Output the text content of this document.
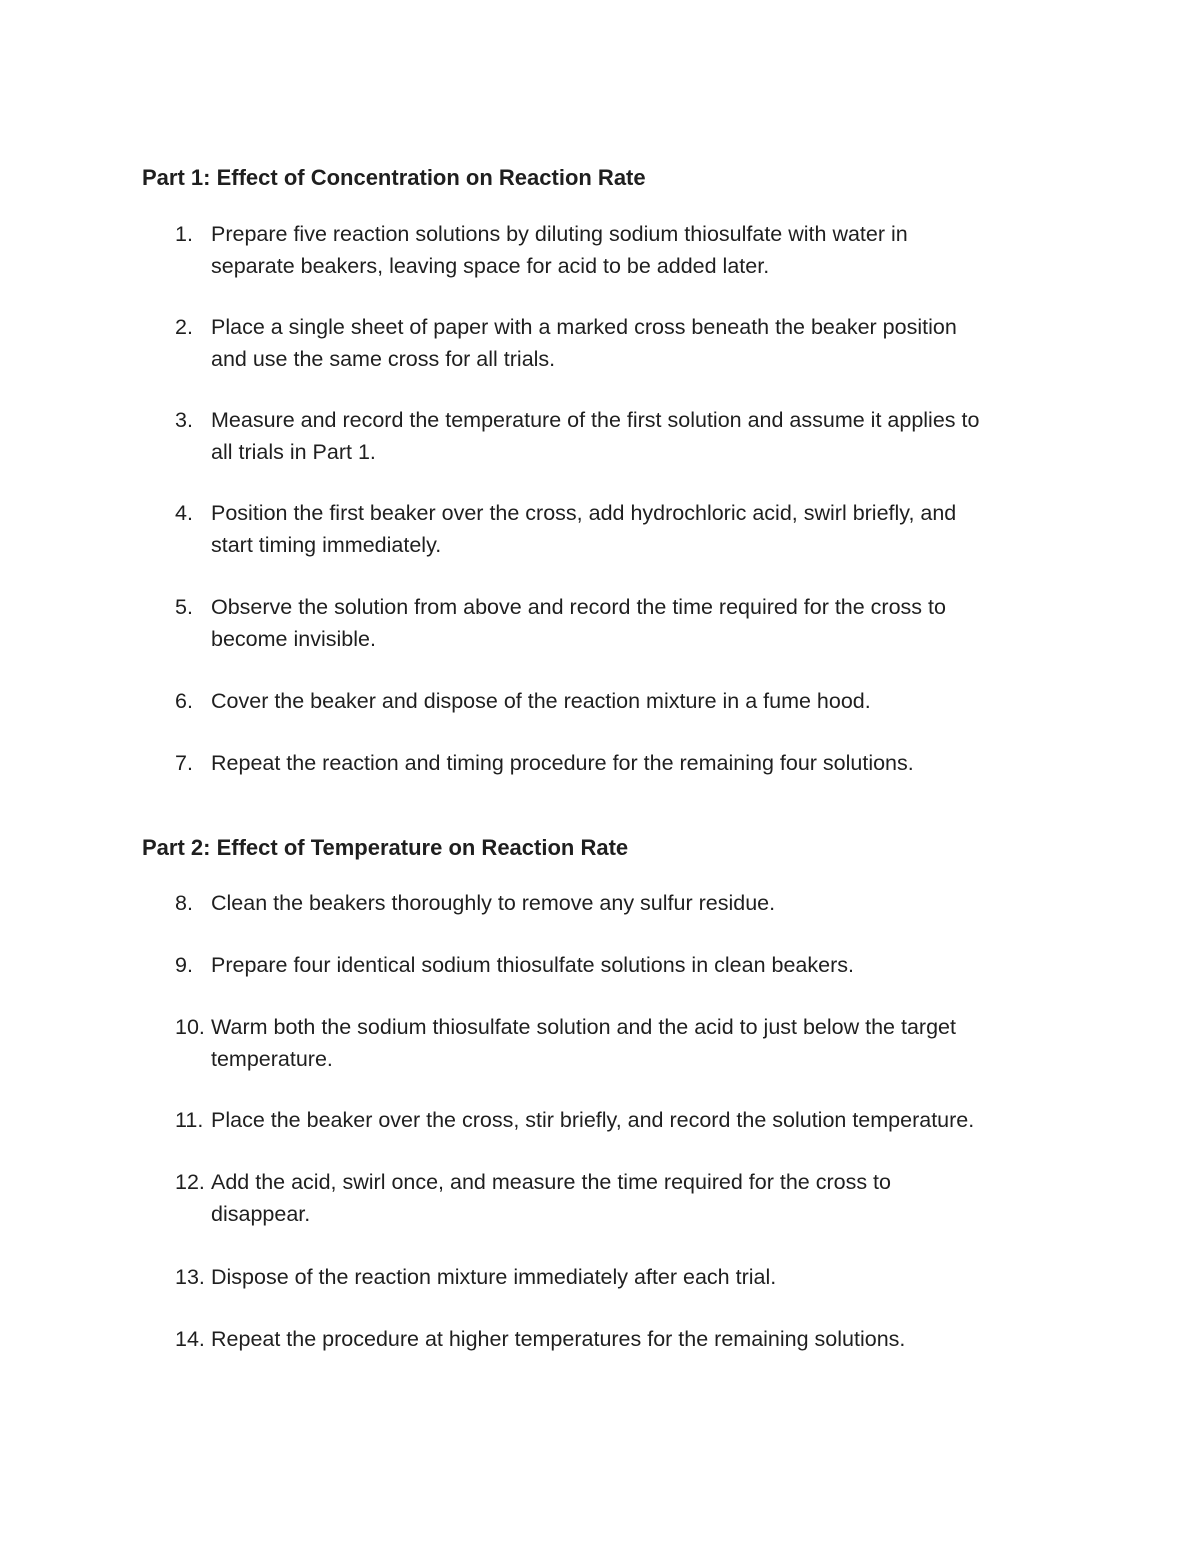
Part 1: Effect of Concentration on Reaction Rate
1. Prepare five reaction solutions by diluting sodium thiosulfate with water in
separate beakers, leaving space for acid to be added later.
2. Place a single sheet of paper with a marked cross beneath the beaker position
and use the same cross for all trials.
3. Measure and record the temperature of the first solution and assume it applies to
all trials in Part 1.
4. Position the first beaker over the cross, add hydrochloric acid, swirl briefly, and
start timing immediately.
5. Observe the solution from above and record the time required for the cross to
become invisible.
6. Cover the beaker and dispose of the reaction mixture in a fume hood.
7. Repeat the reaction and timing procedure for the remaining four solutions.
Part 2: Effect of Temperature on Reaction Rate
8. Clean the beakers thoroughly to remove any sulfur residue.
9. Prepare four identical sodium thiosulfate solutions in clean beakers.
10. Warm both the sodium thiosulfate solution and the acid to just below the target
temperature.
11. Place the beaker over the cross, stir briefly, and record the solution temperature.
12. Add the acid, swirl once, and measure the time required for the cross to
disappear.
13. Dispose of the reaction mixture immediately after each trial.
14. Repeat the procedure at higher temperatures for the remaining solutions.
